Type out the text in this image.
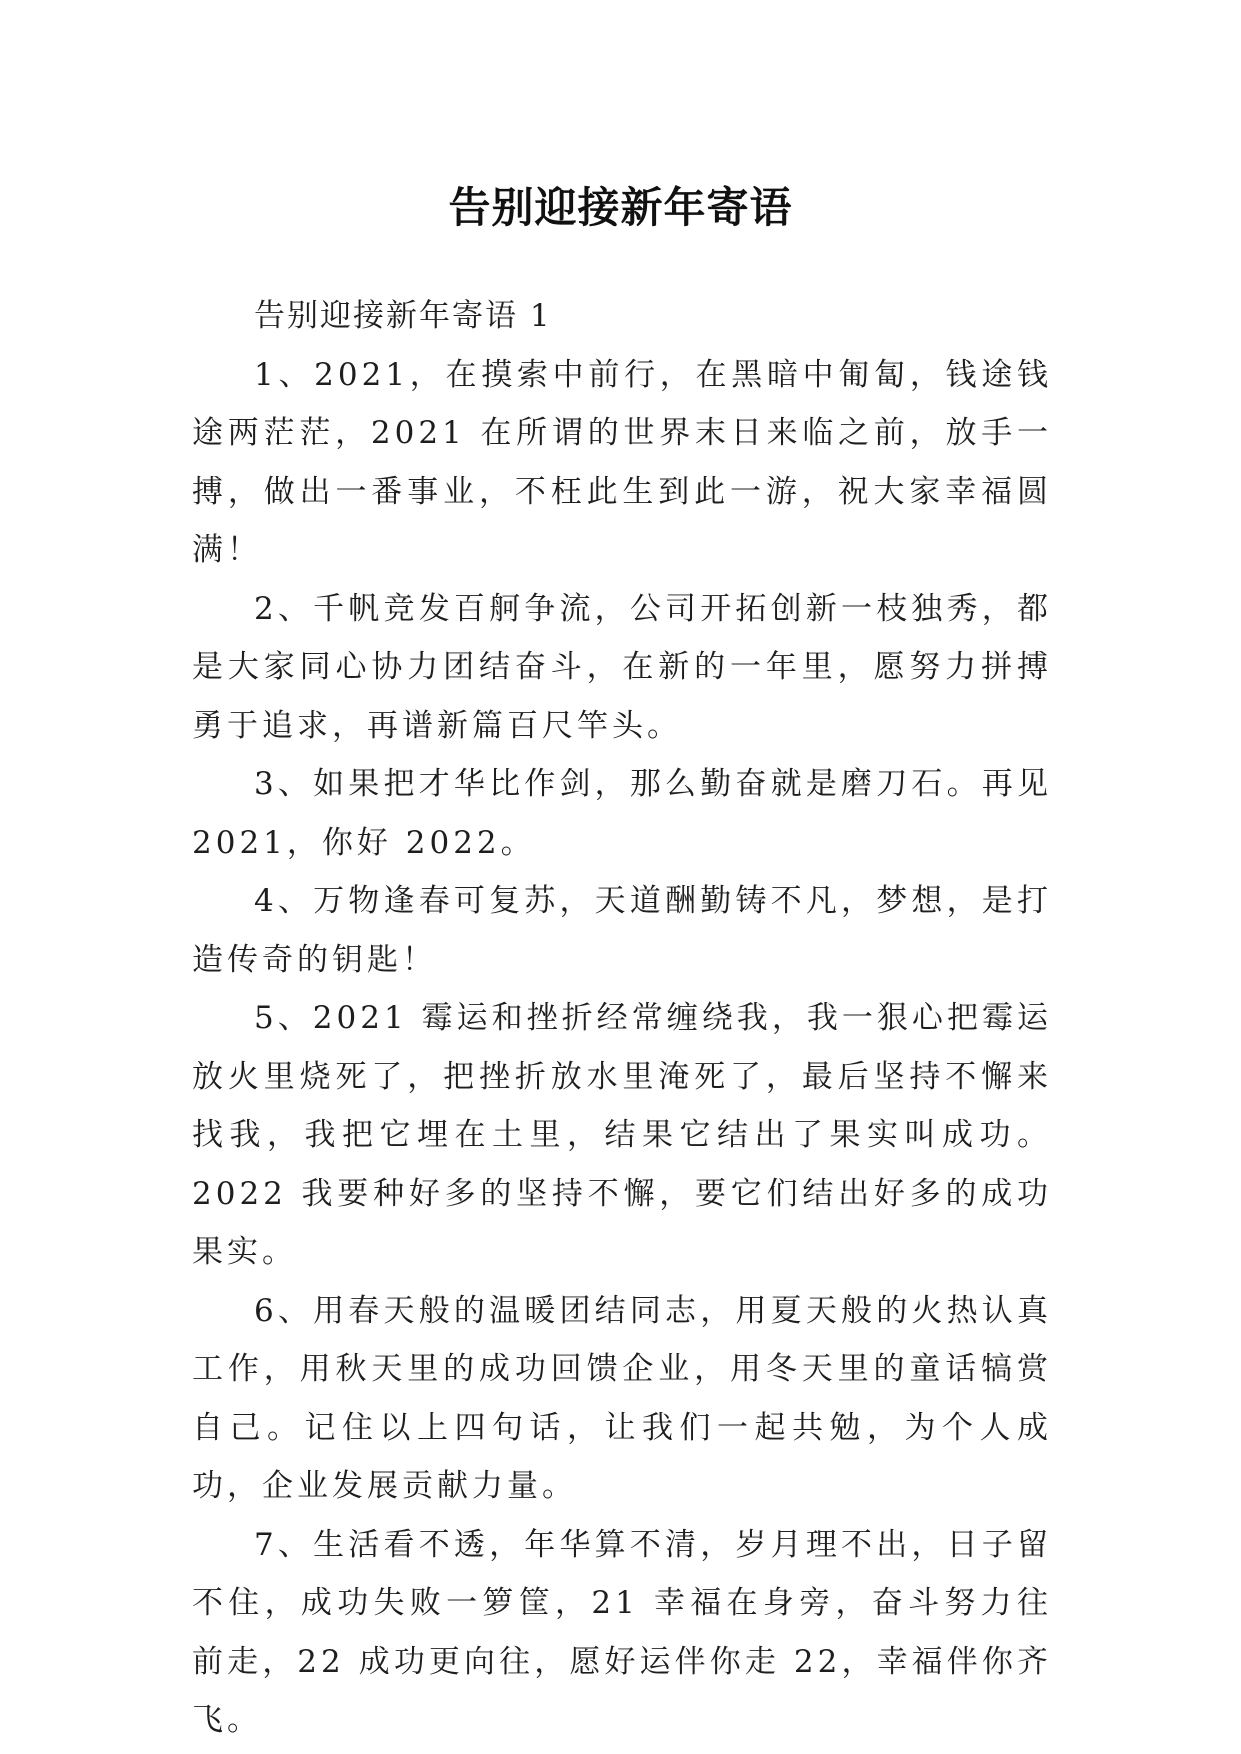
告别迎接新年寄语

告别迎接新年寄语 1

1、2021，在摸索中前行，在黑暗中匍匐，钱途钱途两茫茫，2021 在所谓的世界末日来临之前，放手一搏，做出一番事业，不枉此生到此一游，祝大家幸福圆满！

2、千帆竞发百舸争流，公司开拓创新一枝独秀，都是大家同心协力团结奋斗，在新的一年里，愿努力拼搏勇于追求，再谱新篇百尺竿头。

3、如果把才华比作剑，那么勤奋就是磨刀石。再见 2021，你好 2022。

4、万物逢春可复苏，天道酬勤铸不凡，梦想，是打造传奇的钥匙！

5、2021 霉运和挫折经常缠绕我，我一狠心把霉运放火里烧死了，把挫折放水里淹死了，最后坚持不懈来找我，我把它埋在土里，结果它结出了果实叫成功。2022 我要种好多的坚持不懈，要它们结出好多的成功果实。

6、用春天般的温暖团结同志，用夏天般的火热认真工作，用秋天里的成功回馈企业，用冬天里的童话犒赏自己。记住以上四句话，让我们一起共勉，为个人成功，企业发展贡献力量。

7、生活看不透，年华算不清，岁月理不出，日子留不住，成功失败一箩筐，21 幸福在身旁，奋斗努力往前走，22 成功更向往，愿好运伴你走 22，幸福伴你齐飞。
